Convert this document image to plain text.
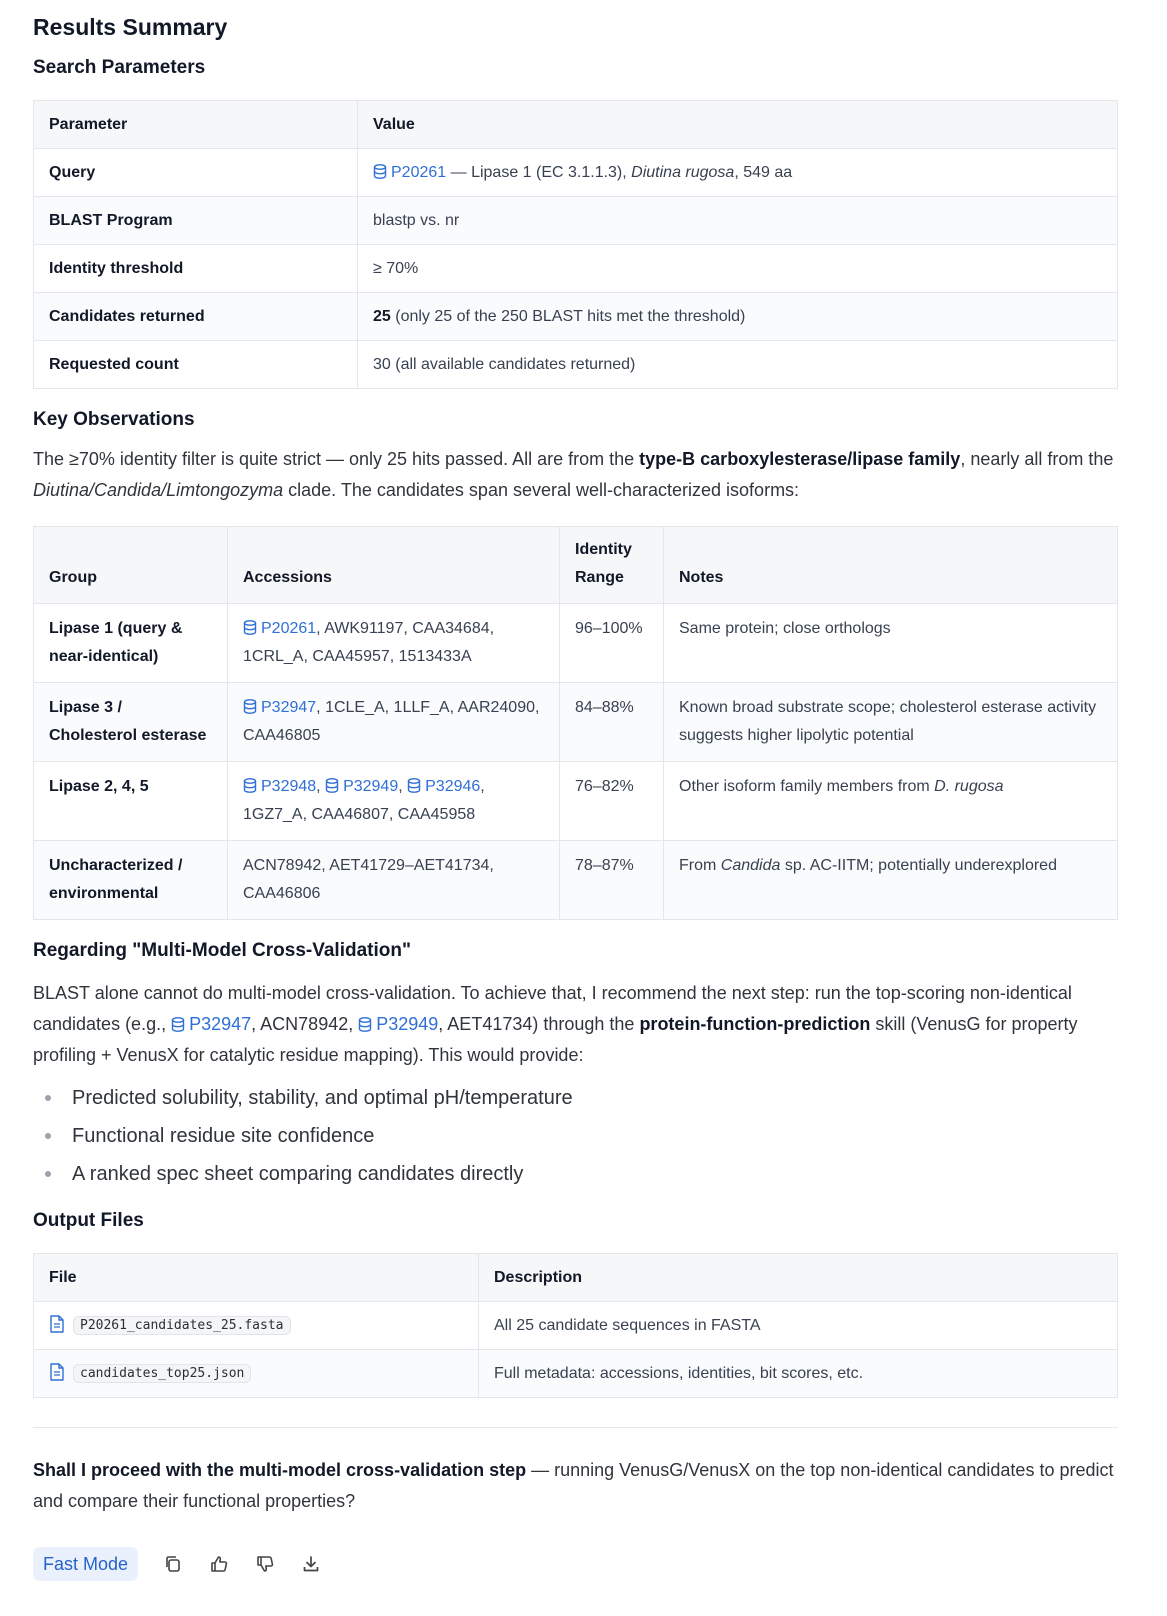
Results Summary
Search Parameters
Parameter	Value
Query	P20261 — Lipase 1 (EC 3.1.1.3), Diutina rugosa, 549 aa
BLAST Program	blastp vs. nr
Identity threshold	≥ 70%
Candidates returned	25 (only 25 of the 250 BLAST hits met the threshold)
Requested count	30 (all available candidates returned)
Key Observations

The ≥70% identity filter is quite strict — only 25 hits passed. All are from the type-B carboxylesterase/lipase family, nearly all from the Diutina/Candida/Limtongozyma clade. The candidates span several well-characterized isoforms:

Group	Accessions	Identity Range	Notes
Lipase 1 (query & near-identical)	P20261, AWK91197, CAA34684, 1CRL_A, CAA45957, 1513433A	96–100%	Same protein; close orthologs
Lipase 3 / Cholesterol esterase	P32947, 1CLE_A, 1LLF_A, AAR24090, CAA46805	84–88%	Known broad substrate scope; cholesterol esterase activity suggests higher lipolytic potential
Lipase 2, 4, 5	P32948, P32949, P32946, 1GZ7_A, CAA46807, CAA45958	76–82%	Other isoform family members from D. rugosa
Uncharacterized / environmental	ACN78942, AET41729–AET41734, CAA46806	78–87%	From Candida sp. AC-IITM; potentially underexplored
Regarding "Multi-Model Cross-Validation"

BLAST alone cannot do multi-model cross-validation. To achieve that, I recommend the next step: run the top-scoring non-identical candidates (e.g., P32947, ACN78942, P32949, AET41734) through the protein-function-prediction skill (VenusG for property profiling + VenusX for catalytic residue mapping). This would provide:

Predicted solubility, stability, and optimal pH/temperature
Functional residue site confidence
A ranked spec sheet comparing candidates directly
Output Files
File	Description
P20261_candidates_25.fasta	All 25 candidate sequences in FASTA
candidates_top25.json	Full metadata: accessions, identities, bit scores, etc.

Shall I proceed with the multi-model cross-validation step — running VenusG/VenusX on the top non-identical candidates to predict and compare their functional properties?

Fast Mode
